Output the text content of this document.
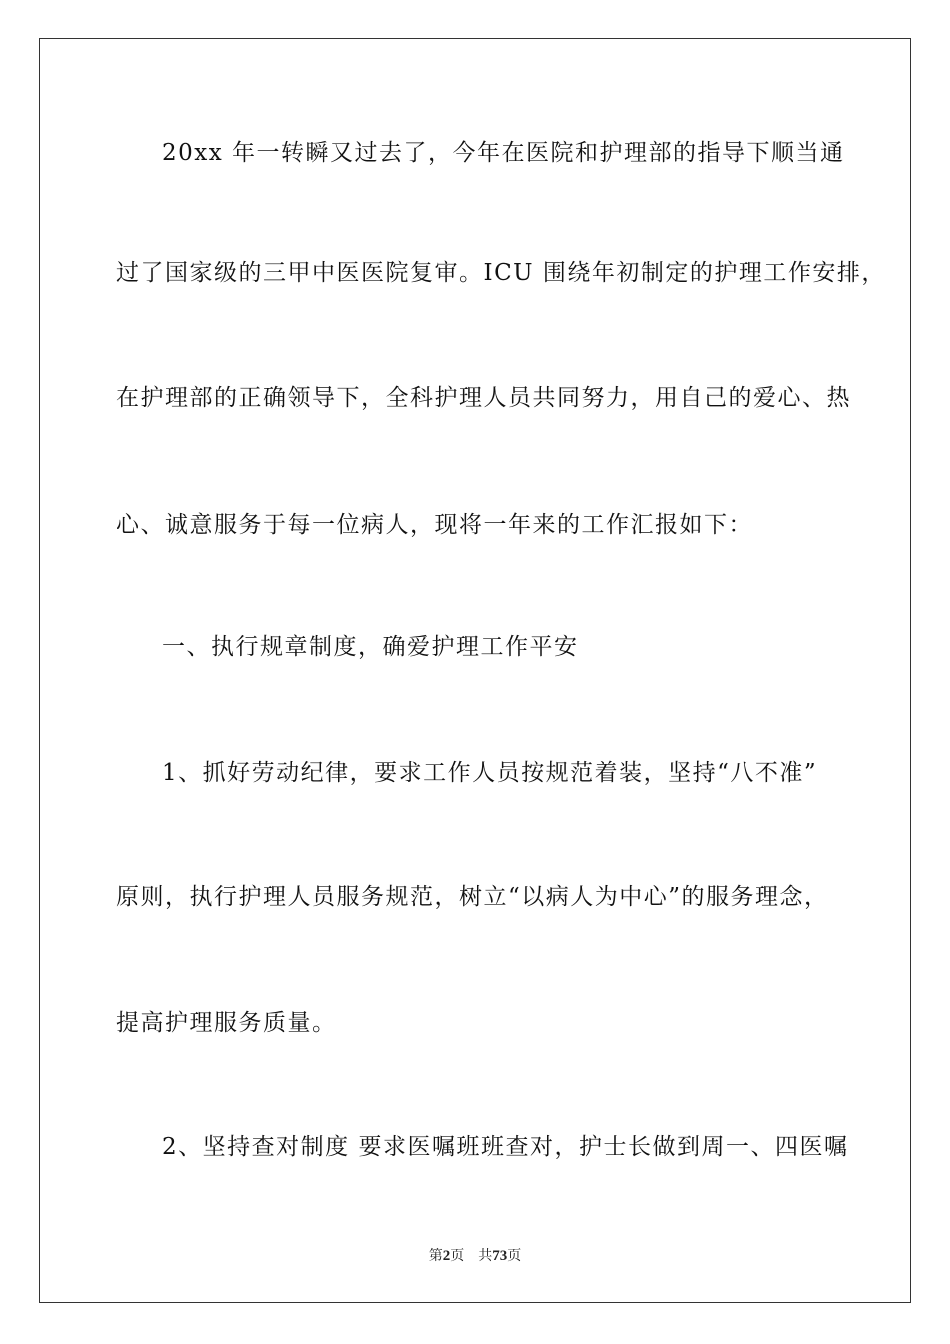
20xx 年一转瞬又过去了，今年在医院和护理部的指导下顺当通
过了国家级的三甲中医医院复审。ICU 围绕年初制定的护理工作安排，
在护理部的正确领导下，全科护理人员共同努力，用自己的爱心、热
心、诚意服务于每一位病人，现将一年来的工作汇报如下：
一、执行规章制度，确爱护理工作平安
1、抓好劳动纪律，要求工作人员按规范着装，坚持“八不准”
原则，执行护理人员服务规范，树立“以病人为中心”的服务理念，
提高护理服务质量。
2、坚持查对制度 要求医嘱班班查对，护士长做到周一、四医嘱
第2页 共73页
